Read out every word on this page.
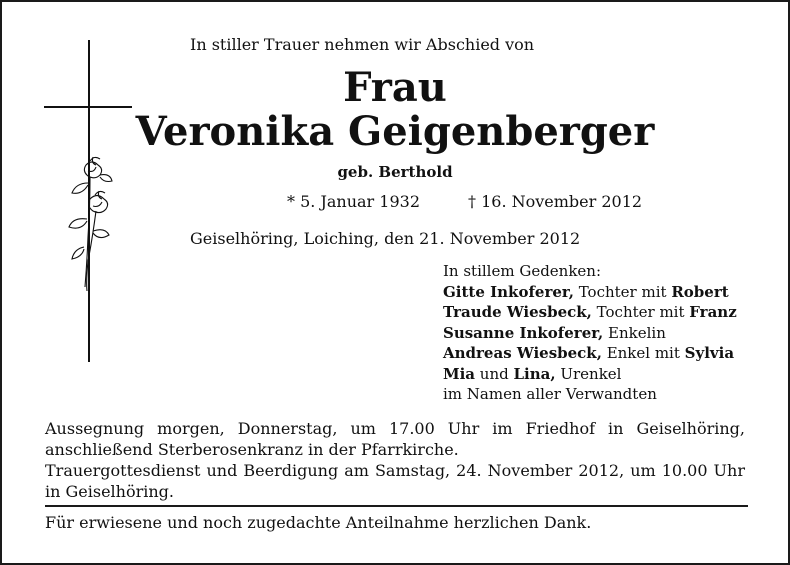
In stiller Trauer nehmen wir Abschied von
Frau
Veronika Geigenberger
geb. Berthold
* 5. Januar 1932	† 16. November 2012
Geiselhöring, Loiching, den 21. November 2012
In stillem Gedenken:
Gitte Inkoferer, Tochter mit Robert
Traude Wiesbeck, Tochter mit Franz
Susanne Inkoferer, Enkelin
Andreas Wiesbeck, Enkel mit Sylvia
Mia und Lina, Urenkel
im Namen aller Verwandten

Aussegnung morgen, Donnerstag, um 17.00 Uhr im Friedhof in Geiselhöring, anschließend Sterberosenkranz in der Pfarrkirche.

Trauergottesdienst und Beerdigung am Samstag, 24. November 2012, um 10.00 Uhr in Geiselhöring.

Für erwiesene und noch zugedachte Anteilnahme herzlichen Dank.
